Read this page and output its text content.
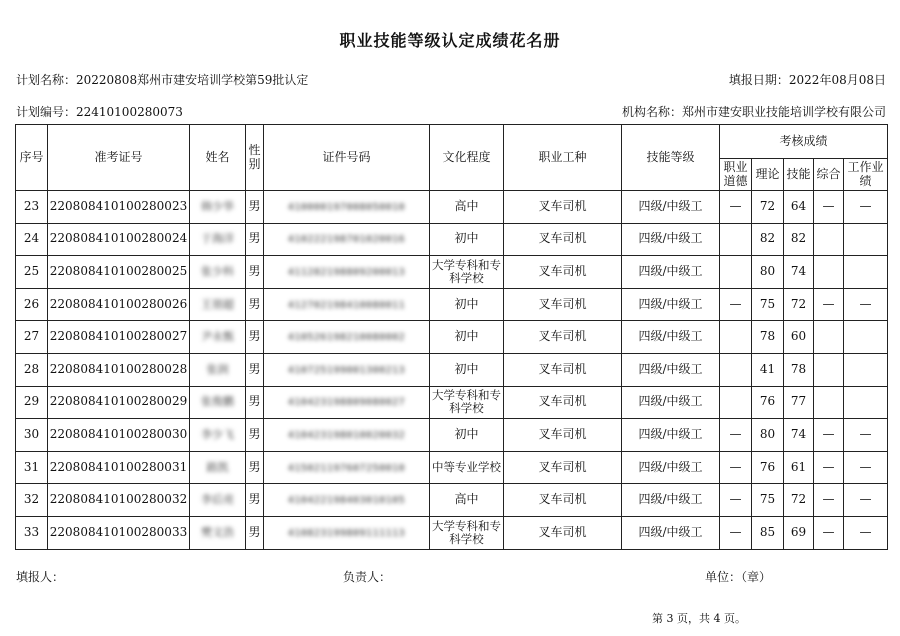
职业技能等级认定成绩花名册
计划名称：20220808郑州市建安培训学校第59批认定	填报日期：2022年08月08日
计划编号：22410100280073	机构名称：郑州市建安职业技能培训学校有限公司
序号	准考证号	姓名	性别	证件号码	文化程度	职业工种	技能等级	考核成绩				
								职业道德	理论	技能	综合	工作业绩
23	220808410100280023	韩少华	男	410000197008050010	高中	叉车司机	四级/中级工	—	72	64	—	—
24	220808410100280024	于海洋	男	410222198701020016	初中	叉车司机	四级/中级工		82	82		
25	220808410100280025	张少科	男	411282198809200013	大学专科和专科学校	叉车司机	四级/中级工		80	74		
26	220808410100280026	王朋超	男	412702198410080011	初中	叉车司机	四级/中级工	—	75	72	—	—
27	220808410100280027	尹永甄	男	410526198210080002	初中	叉车司机	四级/中级工		78	60		
28	220808410100280028	张润	男	410725199001300213	初中	叉车司机	四级/中级工		41	78		
29	220808410100280029	张俊鹏	男	410423198809080027	大学专科和专科学校	叉车司机	四级/中级工		76	77		
30	220808410100280030	李少飞	男	410423198010020032	初中	叉车司机	四级/中级工	—	80	74	—	—
31	220808410100280031	路凯	男	415021197607250010	中等专业学校	叉车司机	四级/中级工	—	76	61	—	—
32	220808410100280032	李后亮	男	410422198403010105	高中	叉车司机	四级/中级工	—	75	72	—	—
33	220808410100280033	樊文浩	男	410823199809111113	大学专科和专科学校	叉车司机	四级/中级工	—	85	69	—	—
填报人：	负责人：	单位：（章）
第 3 页，共 4 页。
